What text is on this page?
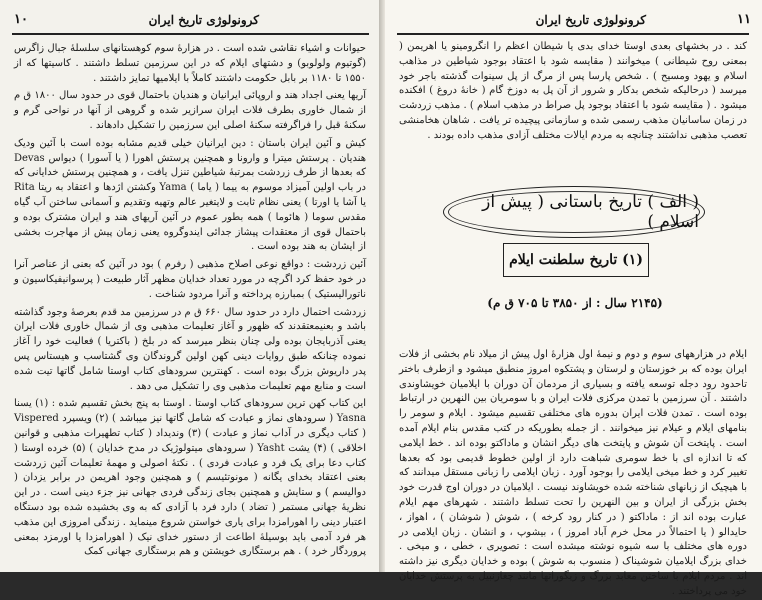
کرونولوژی تاریخ ایران
۱۰

حیوانات و اشیاء نقاشی شده است . در هزارهٔ سوم کوهستانهای سلسلهٔ جبال زاگرس (گوتیوم ولولوبو) و دشتهای ایلام که در این سرزمین تسلط داشتند . کاسیتها که از ۱۵۵۰ تا ۱۱۸۰ بر بابل حکومت داشتند کاملاً با ایلامیها تمایز داشتند .

آریها یعنی اجداد هند و اروپائی ایرانیان و هندیان باحتمال قوی در حدود سال ۱۸۰۰ ق م از شمال خاوری بطرف فلات ایران سرازیر شده و گروهی از آنها در نواحی گرم و سکنهٔ قبل را فراگرفته سکنهٔ اصلی این سرزمین را تشکیل دادهاند .

کیش و آئین ایران باستان : دین ایرانیان خیلی قدیم مشابه بوده است با آئین ودیک هندیان . پرستش میترا و وارونا و همچنین پرستش اهورا ( یا آسورا ) دیواس Devas که بعدها از طرف زردشت بمرتبهٔ شیاطین تنزل یافت ، و همچنین پرستش خدایانی که در باب اولین آمیزاد موسوم به ییما ( یاما ) Yama وکشتن اژدها و اعتقاد به ریتا Rita یا آشا یا اورتا ) یعنی نظام ثابت و لایتغیر عالم وتهیه وتقدیم و آسمانی ساختن آب گیاه مقدس سوما ( هائوما ) همه بطور عموم در آئین آریهای هند و ایران مشترک بوده و باحتمال قوی از معتقدات پیشاز جدائی ایندوگروه یعنی زمان پیش از مهاجرت بخشی از ایشان به هند بوده است .

آئین زردشت : دواقع نوعی اصلاح مذهبی ( رفرم ) بود در آئین که بعنی از عناصر آنرا در خود حفظ کرد اگرچه در مورد تعداد خدایان مظهر آثار طبیعت ( پرسوانیفیکاسیون و ناتورالیستیک ) بمبارزه پرداخته و آنرا مردود شناخت .

زردشت احتمال دارد در حدود سال ۶۶۰ ق م در سرزمین مد قدم بعرصهٔ وجود گذاشته باشد و بعنیمعتقدند که ظهور و آغاز تعلیمات مذهبی وی از شمال خاوری فلات ایران یعنی آذربایجان بوده ولی چنان بنظر میرسد که در بلخ ( باکتریا ) فعالیت خود را آغاز نموده چنانکه طبق روایات دینی کهن اولین گروندگان وی گشتاسب و هیستاس پس پدر داریوش بزرگ بوده است . کهنترین سرودهای کتاب اوستا شامل گاتها تیت شده است و منابع مهم تعلیمات مذهبی وی را تشکیل می دهد .

این کتاب کهن ترین سرودهای کتاب اوستا . اوستا به پنج بخش تقسیم شده : (۱) یسنا Yasna ( سرودهای نماز و عبادت که شامل گاتها نیز میباشد ) (۲) ویسپرد Vispered ( کتاب دیگری در آداب نماز و عبادت ) (۳) وندیداد ( کتاب تطهیرات مذهبی و قوانین اخلاقی ) (۴) یشت Yasht ( سرودهای میتولوژیک در مدح خدایان ) (۵) خرده اوستا ( کتاب دعا برای یک فرد و عبادت فردی ) . نکتهٔ اصولی و مهمهٔ تعلیمات آئین زردشت بعنی اعتقاد بخدای یگانه ( مونوتئیسم ) و همچنین وجود اهریمن در برابر یزدان ( دوالیسم ) و ستایش و همچنین بجای زندگی فردی جهانی نیز جزء دینی است . در این نظریهٔ جهانی مستمر ( تضاد ) دارد فرد با آزادی که به وی بخشیده شده بود دستگاه اعتبار دینی را اهورامزدا برای یاری خواستن شروع مینماید . زندگی امروزی این مذهب هر فرد آدمی باید بوسیلهٔ اطاعت از دستور خدای نیک ( اهورامزدا یا اورمزد بمعنی پروردگار خرد ) . هم برستگاری خویشتن و هم برستگاری جهانی کمک

۱۱
کرونولوژی تاریخ ایران
کند . در بخشهای بعدی اوستا خدای بدی یا شیطان اعظم را انگرومینو یا اهریمن ( بمعنی روح شیطانی ) میخوانند ( مقایسه شود با اعتقاد بوجود شیاطین در مذاهب اسلام و یهود ومسیح ) . شخص پارسا پس از مرگ از پل سینوات گذشته باجر خود میرسد ( درحالیکه شخص بدکار و شرور از آن پل به دوزخ گام ( خانهٔ دروغ ) افکنده میشود . ( مقایسه شود با اعتقاد بوجود پل صراط در مذهب اسلام ) . مذهب زردشت در زمان ساسانیان مذهب رسمی شده و سازمانی پیچیده تر یافت . شاهان هخامنشی تعصب مذهبی نداشتند چنانچه به مردم ایالات مختلف آزادی مذهب داده بودند .
( الف ) تاریخ باستانی ( پیش از اسلام )
(۱) تاریخ سلطنت ایلام
(۲۱۴۵ سال : از ۳۸۵۰ تا ۷۰۵ ق م)
ایلام در هزارههای سوم و دوم و نیمهٔ اول هزارهٔ اول پیش از میلاد نام بخشی از فلات ایران بوده که بر خوزستان و لرستان و پشتکوه امروز منطبق میشود و ازطرف باختر تاحدود رود دجله توسعه یافته و بسیاری از مردمان آن دوران با ایلامیان خویشاوندی داشتند . آن سرزمین با تمدن مرکزی فلات ایران و با سومریان بین النهرین در ارتباط بوده است . تمدن فلات ایران بدوره های مختلفی تقسیم میشود . ایلام و سومر را بنامهای ایلام و عیلام نیز میخوانند . از جمله بطوریکه در کتب مقدس بنام ایلام آمده است . پایتخت آن شوش و پایتخت های دیگر انشان و ماداکتو بوده اند . خط ایلامی که تا اندازه ای با خط سومری شباهت دارد از اولین خطوط قدیمی بود که بعدها تغییر کرد و خط میخی ایلامی را بوجود آورد . زبان ایلامی را زبانی مستقل میدانند که با هیچیک از زبانهای شناخته شده خویشاوند نیست . ایلامیان در دوران اوج قدرت خود بخش بزرگی از ایران و بین النهرین را تحت تسلط داشتند . شهرهای مهم ایلام عبارت بوده اند از : ماداکتو ( در کنار رود کرخه ) ، شوش ( شوشان ) ، اهواز ، حایدالو ( یا احتمالاً در محل خرم آباد امروز ) ، بیشوپ ، و انشان . زبان ایلامی در دوره های مختلف با سه شیوه نوشته میشده است : تصویری ، خطی ، و میخی . خدای بزرگ ایلامیان شوشیناک ( منسوب به شوش ) بوده و خدایان دیگری نیز داشته اند . مردم ایلام با ساختن معابد بزرگ و زیگوراتها مانند چغازنبیل به پرستش خدایان خود می پرداختند .
